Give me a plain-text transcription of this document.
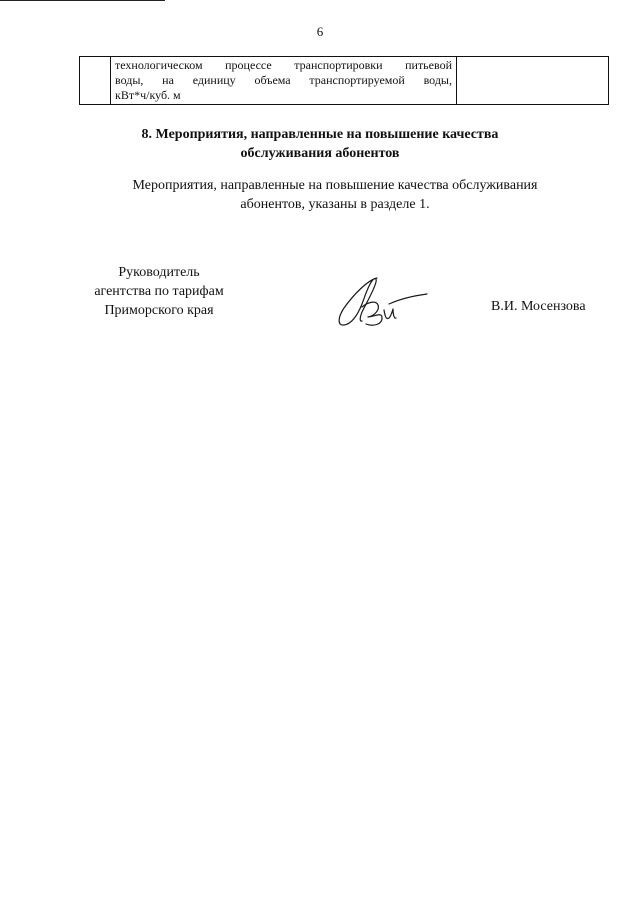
6

технологическом процессе транспортировки питьевой
воды, на единицу объема транспортируемой воды,
кВт*ч/куб. м

8. Мероприятия, направленные на повышение качества
обслуживания абонентов
Мероприятия, направленные на повышение качества обслуживания
абонентов, указаны в разделе 1.
Руководитель
агентства по тарифам
Приморского края	В.И. Мосензова
